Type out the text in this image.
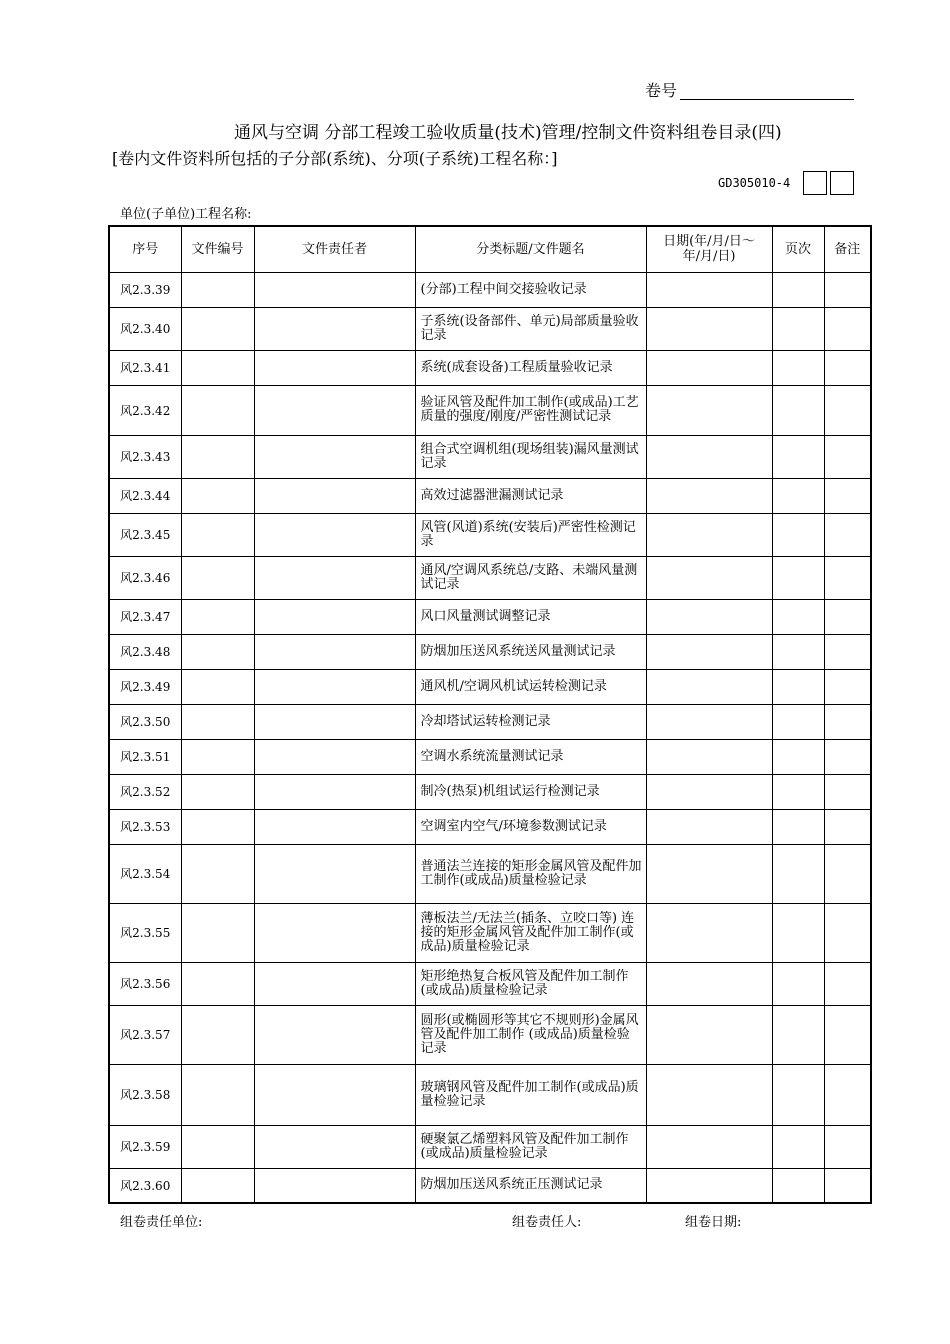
卷号
通风与空调 分部工程竣工验收质量(技术)管理/控制文件资料组卷目录(四)
[卷内文件资料所包括的子分部(系统)、分项(子系统)工程名称：]
GD305010-4
单位(子单位)工程名称:
序号	文件编号	文件责任者	分类标题/文件题名	日期(年/月/日～年/月/日)	页次	备注
风2.3.39			(分部)工程中间交接验收记录			
风2.3.40			子系统(设备部件、单元)局部质量验收记录			
风2.3.41			系统(成套设备)工程质量验收记录			
风2.3.42			验证风管及配件加工制作(或成品)工艺质量的强度/刚度/严密性测试记录			
风2.3.43			组合式空调机组(现场组装)漏风量测试记录			
风2.3.44			高效过滤器泄漏测试记录			
风2.3.45			风管(风道)系统(安装后)严密性检测记录			
风2.3.46			通风/空调风系统总/支路、未端风量测试记录			
风2.3.47			风口风量测试调整记录			
风2.3.48			防烟加压送风系统送风量测试记录			
风2.3.49			通风机/空调风机试运转检测记录			
风2.3.50			冷却塔试运转检测记录			
风2.3.51			空调水系统流量测试记录			
风2.3.52			制冷(热泵)机组试运行检测记录			
风2.3.53			空调室内空气/环境参数测试记录			
风2.3.54			普通法兰连接的矩形金属风管及配件加工制作(或成品)质量检验记录			
风2.3.55			薄板法兰/无法兰(插条、立咬口等) 连接的矩形金属风管及配件加工制作(或成品)质量检验记录			
风2.3.56			矩形绝热复合板风管及配件加工制作(或成品)质量检验记录			
风2.3.57			圆形(或椭圆形等其它不规则形)金属风管及配件加工制作 (或成品)质量检验记录			
风2.3.58			玻璃钢风管及配件加工制作(或成品)质量检验记录			
风2.3.59			硬聚氯乙烯塑料风管及配件加工制作(或成品)质量检验记录			
风2.3.60			防烟加压送风系统正压测试记录			
组卷责任单位:	组卷责任人:	组卷日期:
